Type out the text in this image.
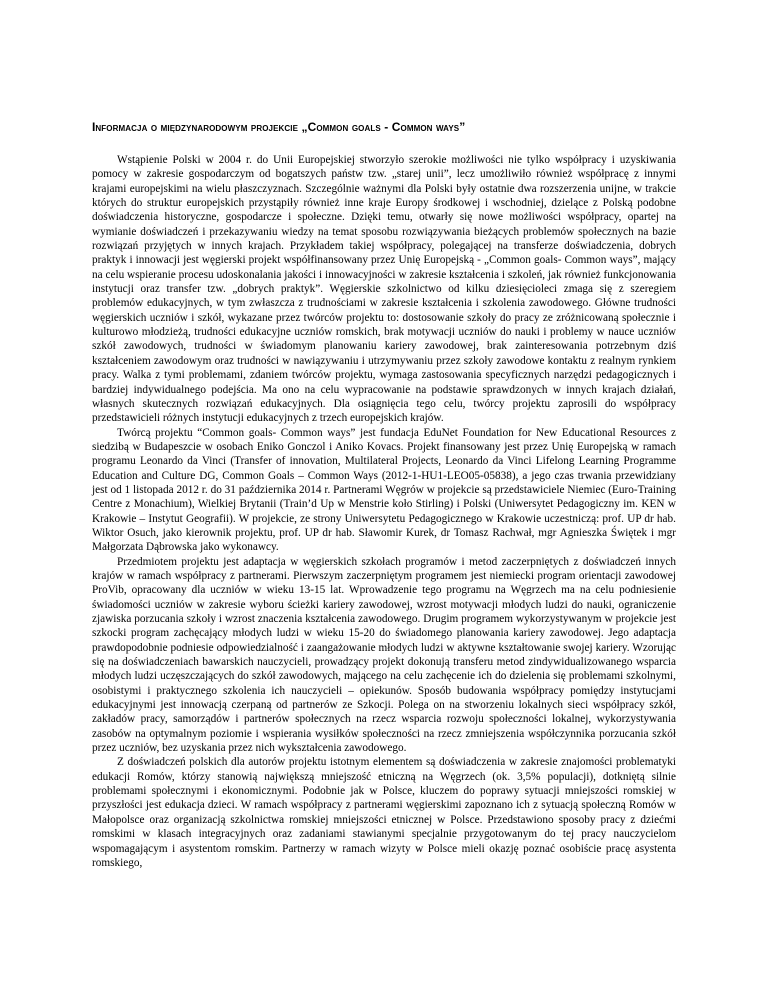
Informacja o międzynarodowym projekcie „Common goals - Common ways”

Wstąpienie Polski w 2004 r. do Unii Europejskiej stworzyło szerokie możliwości nie tylko współpracy i uzyskiwania pomocy w zakresie gospodarczym od bogatszych państw tzw. „starej unii”, lecz umożliwiło również współpracę z innymi krajami europejskimi na wielu płaszczyznach. Szczególnie ważnymi dla Polski były ostatnie dwa rozszerzenia unijne, w trakcie których do struktur europejskich przystąpiły również inne kraje Europy środkowej i wschodniej, dzielące z Polską podobne doświadczenia historyczne, gospodarcze i społeczne. Dzięki temu, otwarły się nowe możliwości współpracy, opartej na wymianie doświadczeń i przekazywaniu wiedzy na temat sposobu rozwiązywania bieżących problemów społecznych na bazie rozwiązań przyjętych w innych krajach. Przykładem takiej współpracy, polegającej na transferze doświadczenia, dobrych praktyk i innowacji jest węgierski projekt współfinansowany przez Unię Europejską - „Common goals- Common ways”, mający na celu wspieranie procesu udoskonalania jakości i innowacyjności w zakresie kształcenia i szkoleń, jak również funkcjonowania instytucji oraz transfer tzw. „dobrych praktyk”. Węgierskie szkolnictwo od kilku dziesięcioleci zmaga się z szeregiem problemów edukacyjnych, w tym zwłaszcza z trudnościami w zakresie kształcenia i szkolenia zawodowego. Główne trudności węgierskich uczniów i szkół, wykazane przez twórców projektu to: dostosowanie szkoły do pracy ze zróżnicowaną społecznie i kulturowo młodzieżą, trudności edukacyjne uczniów romskich, brak motywacji uczniów do nauki i problemy w nauce uczniów szkół zawodowych, trudności w świadomym planowaniu kariery zawodowej, brak zainteresowania potrzebnym dziś kształceniem zawodowym oraz trudności w nawiązywaniu i utrzymywaniu przez szkoły zawodowe kontaktu z realnym rynkiem pracy. Walka z tymi problemami, zdaniem twórców projektu, wymaga zastosowania specyficznych narzędzi pedagogicznych i bardziej indywidualnego podejścia. Ma ono na celu wypracowanie na podstawie sprawdzonych w innych krajach działań, własnych skutecznych rozwiązań edukacyjnych. Dla osiągnięcia tego celu, twórcy projektu zaprosili do współpracy przedstawicieli różnych instytucji edukacyjnych z trzech europejskich krajów.

Twórcą projektu “Common goals- Common ways” jest fundacja EduNet Foundation for New Educational Resources z siedzibą w Budapeszcie w osobach Eniko Gonczol i Aniko Kovacs. Projekt finansowany jest przez Unię Europejską w ramach programu Leonardo da Vinci (Transfer of innovation, Multilateral Projects, Leonardo da Vinci Lifelong Learning Programme Education and Culture DG, Common Goals – Common Ways (2012-1-HU1-LEO05-05838), a jego czas trwania przewidziany jest od 1 listopada 2012 r. do 31 października 2014 r. Partnerami Węgrów w projekcie są przedstawiciele Niemiec (Euro-Training Centre z Monachium), Wielkiej Brytanii (Train’d Up w Menstrie koło Stirling) i Polski (Uniwersytet Pedagogiczny im. KEN w Krakowie – Instytut Geografii). W projekcie, ze strony Uniwersytetu Pedagogicznego w Krakowie uczestniczą: prof. UP dr hab. Wiktor Osuch, jako kierownik projektu, prof. UP dr hab. Sławomir Kurek, dr Tomasz Rachwał, mgr Agnieszka Świętek i mgr Małgorzata Dąbrowska jako wykonawcy.

Przedmiotem projektu jest adaptacja w węgierskich szkołach programów i metod zaczerpniętych z doświadczeń innych krajów w ramach współpracy z partnerami. Pierwszym zaczerpniętym programem jest niemiecki program orientacji zawodowej ProVib, opracowany dla uczniów w wieku 13-15 lat. Wprowadzenie tego programu na Węgrzech ma na celu podniesienie świadomości uczniów w zakresie wyboru ścieżki kariery zawodowej, wzrost motywacji młodych ludzi do nauki, ograniczenie zjawiska porzucania szkoły i wzrost znaczenia kształcenia zawodowego. Drugim programem wykorzystywanym w projekcie jest szkocki program zachęcający młodych ludzi w wieku 15-20 do świadomego planowania kariery zawodowej. Jego adaptacja prawdopodobnie podniesie odpowiedzialność i zaangażowanie młodych ludzi w aktywne kształtowanie swojej kariery. Wzorując się na doświadczeniach bawarskich nauczycieli, prowadzący projekt dokonują transferu metod zindywidualizowanego wsparcia młodych ludzi uczęszczających do szkół zawodowych, mającego na celu zachęcenie ich do dzielenia się problemami szkolnymi, osobistymi i praktycznego szkolenia ich nauczycieli – opiekunów. Sposób budowania współpracy pomiędzy instytucjami edukacyjnymi jest innowacją czerpaną od partnerów ze Szkocji. Polega on na stworzeniu lokalnych sieci współpracy szkół, zakładów pracy, samorządów i partnerów społecznych na rzecz wsparcia rozwoju społeczności lokalnej, wykorzystywania zasobów na optymalnym poziomie i wspierania wysiłków społeczności na rzecz zmniejszenia współczynnika porzucania szkół przez uczniów, bez uzyskania przez nich wykształcenia zawodowego.

Z doświadczeń polskich dla autorów projektu istotnym elementem są doświadczenia w zakresie znajomości problematyki edukacji Romów, którzy stanowią największą mniejszość etniczną na Węgrzech (ok. 3,5% populacji), dotkniętą silnie problemami społecznymi i ekonomicznymi. Podobnie jak w Polsce, kluczem do poprawy sytuacji mniejszości romskiej w przyszłości jest edukacja dzieci. W ramach współpracy z partnerami węgierskimi zapoznano ich z sytuacją społeczną Romów w Małopolsce oraz organizacją szkolnictwa romskiej mniejszości etnicznej w Polsce. Przedstawiono sposoby pracy z dziećmi romskimi w klasach integracyjnych oraz zadaniami stawianymi specjalnie przygotowanym do tej pracy nauczycielom wspomagającym i asystentom romskim. Partnerzy w ramach wizyty w Polsce mieli okazję poznać osobiście pracę asystenta romskiego,
